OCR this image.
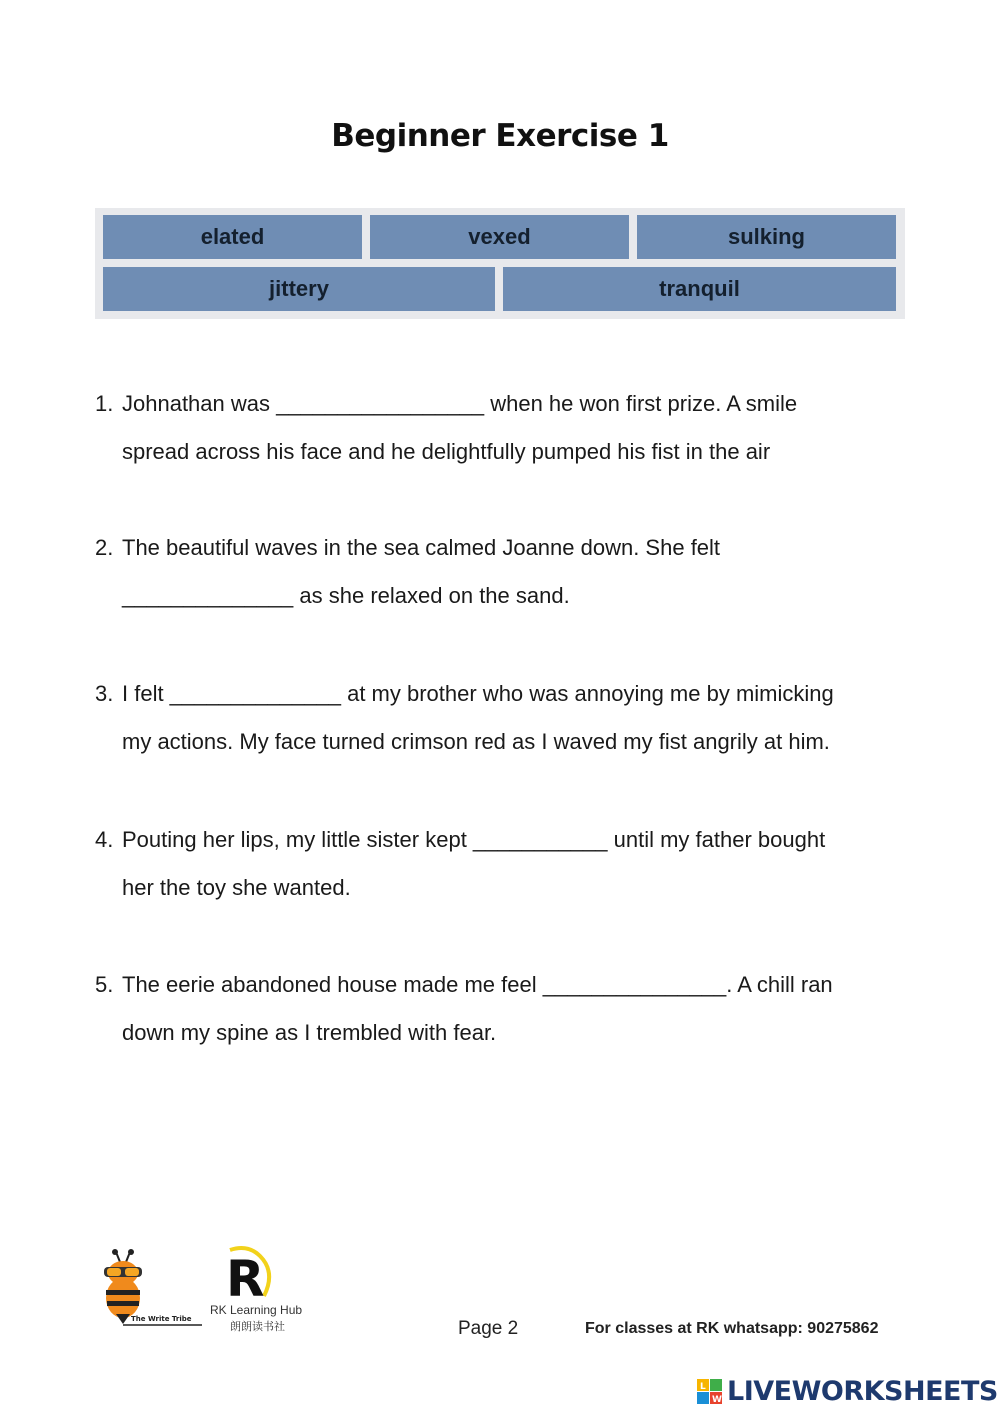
Beginner Exercise 1
elated	vexed	sulking
jittery	tranquil
1. Johnathan was _________________ when he won first prize. A smile
spread across his face and he delightfully pumped his fist in the air
2. The beautiful waves in the sea calmed Joanne down. She felt
______________ as she relaxed on the sand.
3. I felt ______________ at my brother who was annoying me by mimicking
my actions. My face turned crimson red as I waved my fist angrily at him.
4. Pouting her lips, my little sister kept ___________ until my father bought
her the toy she wanted.
5. The eerie abandoned house made me feel _______________. A chill ran
down my spine as I trembled with fear.
The Write Tribe
R
RK Learning Hub
朗朗读书社	Page 2	For classes at RK whatsapp: 90275862
L
W LIVEWORKSHEETS
